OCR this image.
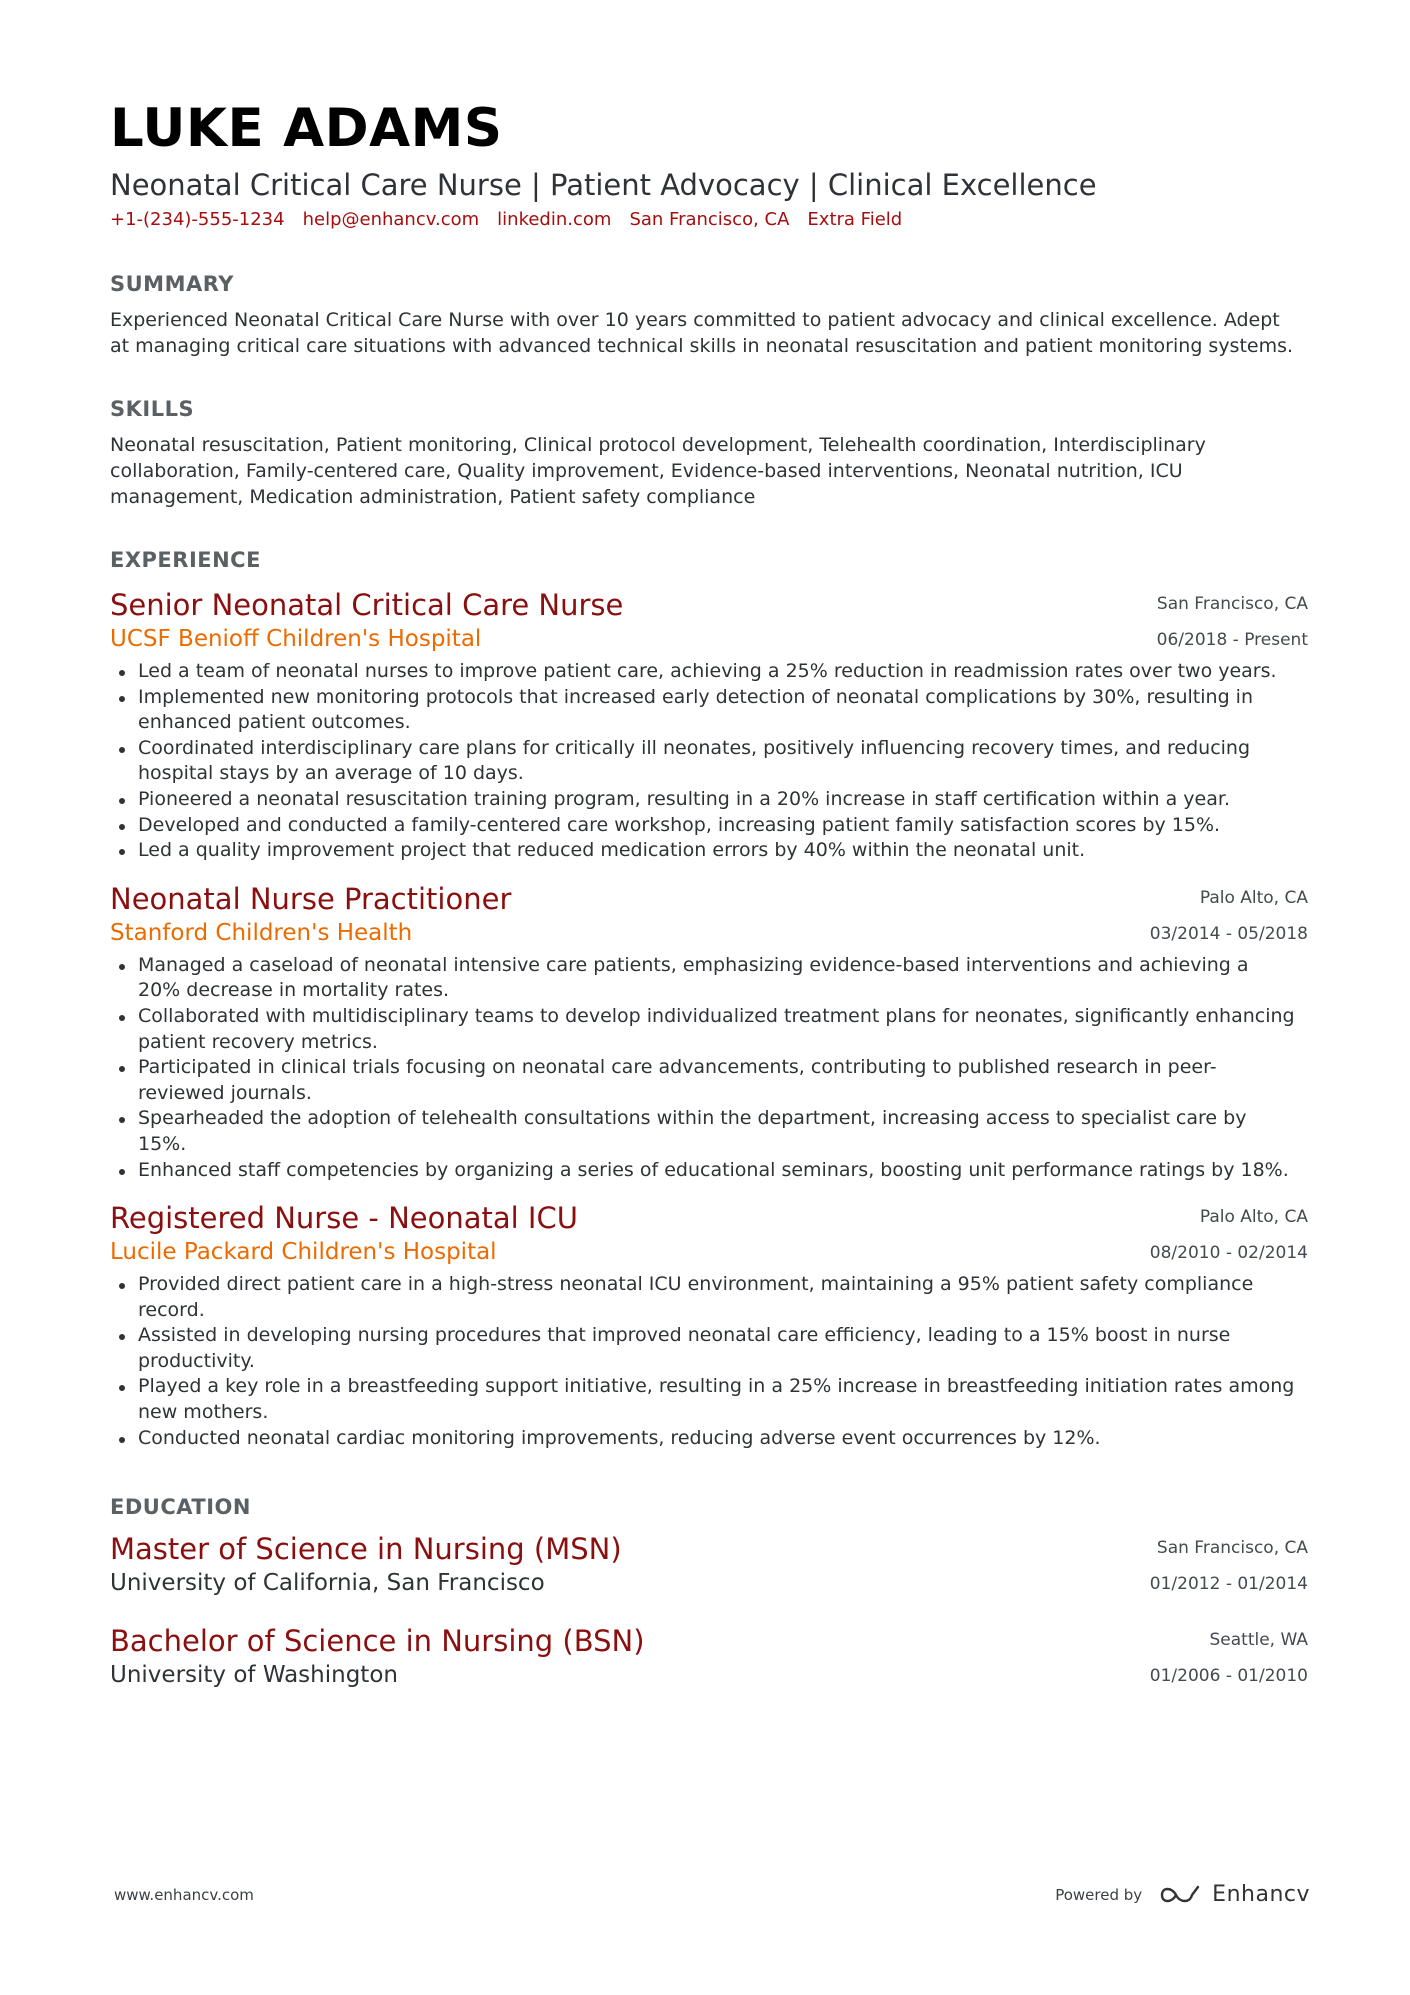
LUKE ADAMS
Neonatal Critical Care Nurse | Patient Advocacy | Clinical Excellence
+1-(234)-555-1234 help@enhancv.com linkedin.com San Francisco, CA Extra Field
SUMMARY
Experienced Neonatal Critical Care Nurse with over 10 years committed to patient advocacy and clinical excellence. Adept at managing critical care situations with advanced technical skills in neonatal resuscitation and patient monitoring systems.
SKILLS
Neonatal resuscitation, Patient monitoring, Clinical protocol development, Telehealth coordination, Interdisciplinary collaboration, Family-centered care, Quality improvement, Evidence-based interventions, Neonatal nutrition, ICU management, Medication administration, Patient safety compliance
EXPERIENCE
Senior Neonatal Critical Care Nurse
UCSF Benioff Children's Hospital
San Francisco, CA
06/2018 - Present
Led a team of neonatal nurses to improve patient care, achieving a 25% reduction in readmission rates over two years.
Implemented new monitoring protocols that increased early detection of neonatal complications by 30%, resulting in enhanced patient outcomes.
Coordinated interdisciplinary care plans for critically ill neonates, positively influencing recovery times, and reducing hospital stays by an average of 10 days.
Pioneered a neonatal resuscitation training program, resulting in a 20% increase in staff certification within a year.
Developed and conducted a family-centered care workshop, increasing patient family satisfaction scores by 15%.
Led a quality improvement project that reduced medication errors by 40% within the neonatal unit.
Neonatal Nurse Practitioner
Stanford Children's Health
Palo Alto, CA
03/2014 - 05/2018
Managed a caseload of neonatal intensive care patients, emphasizing evidence-based interventions and achieving a 20% decrease in mortality rates.
Collaborated with multidisciplinary teams to develop individualized treatment plans for neonates, significantly enhancing patient recovery metrics.
Participated in clinical trials focusing on neonatal care advancements, contributing to published research in peer-reviewed journals.
Spearheaded the adoption of telehealth consultations within the department, increasing access to specialist care by 15%.
Enhanced staff competencies by organizing a series of educational seminars, boosting unit performance ratings by 18%.
Registered Nurse - Neonatal ICU
Lucile Packard Children's Hospital
Palo Alto, CA
08/2010 - 02/2014
Provided direct patient care in a high-stress neonatal ICU environment, maintaining a 95% patient safety compliance record.
Assisted in developing nursing procedures that improved neonatal care efficiency, leading to a 15% boost in nurse productivity.
Played a key role in a breastfeeding support initiative, resulting in a 25% increase in breastfeeding initiation rates among new mothers.
Conducted neonatal cardiac monitoring improvements, reducing adverse event occurrences by 12%.
EDUCATION
Master of Science in Nursing (MSN)
University of California, San Francisco
San Francisco, CA
01/2012 - 01/2014
Bachelor of Science in Nursing (BSN)
University of Washington
Seattle, WA
01/2006 - 01/2010
www.enhancv.com	Powered by	Enhancv
